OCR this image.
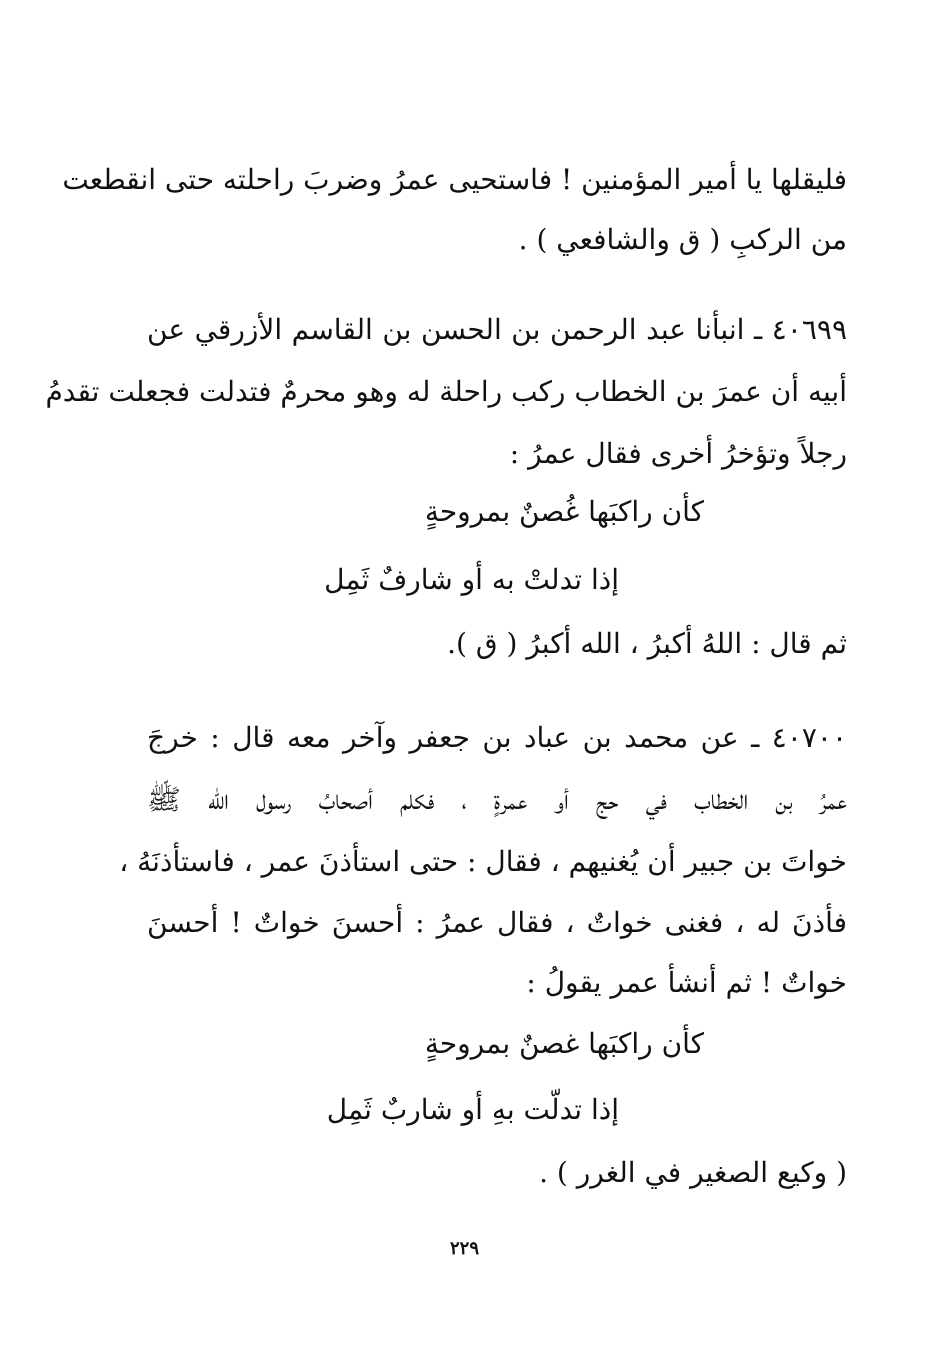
فليقلها يا أمير المؤمنين ! فاستحيى عمرُ وضربَ راحلته حتى انقطعت
من الركبِ ( ق والشافعي ) .
٤٠٦٩٩ ـ انبأنا عبد الرحمن بن الحسن بن القاسم الأزرقي عن
أبيه أن عمرَ بن الخطاب ركب راحلة له وهو محرمٌ فتدلت فجعلت تقدمُ
رجلاً وتؤخرُ أخرى فقال عمرُ :
كأن راكبَها غُصنٌ بمروحةٍ
إذا تدلتْ به أو شارفٌ ثَمِل
ثم قال : اللهُ أكبرُ ، الله أكبرُ ( ق ).
٤٠٧٠٠ ـ عن محمد بن عباد بن جعفر وآخر معه قال : خرجَ
عمرُ بن الخطاب في حج أو عمرةٍ ، فكلم أصحابُ رسول الله ﷺ
خواتَ بن جبير أن يُغنيهم ، فقال : حتى استأذنَ عمر ، فاستأذنَهُ ،
فأذنَ له ، فغنى خواتٌ ، فقال عمرُ : أحسنَ خواتٌ ! أحسنَ
خواتٌ ! ثم أنشأ عمر يقولُ :
كأن راكبَها غصنٌ بمروحةٍ
إذا تدلّت بهِ أو شاربٌ ثَمِل
( وكيع الصغير في الغرر ) .
٢٢٩
